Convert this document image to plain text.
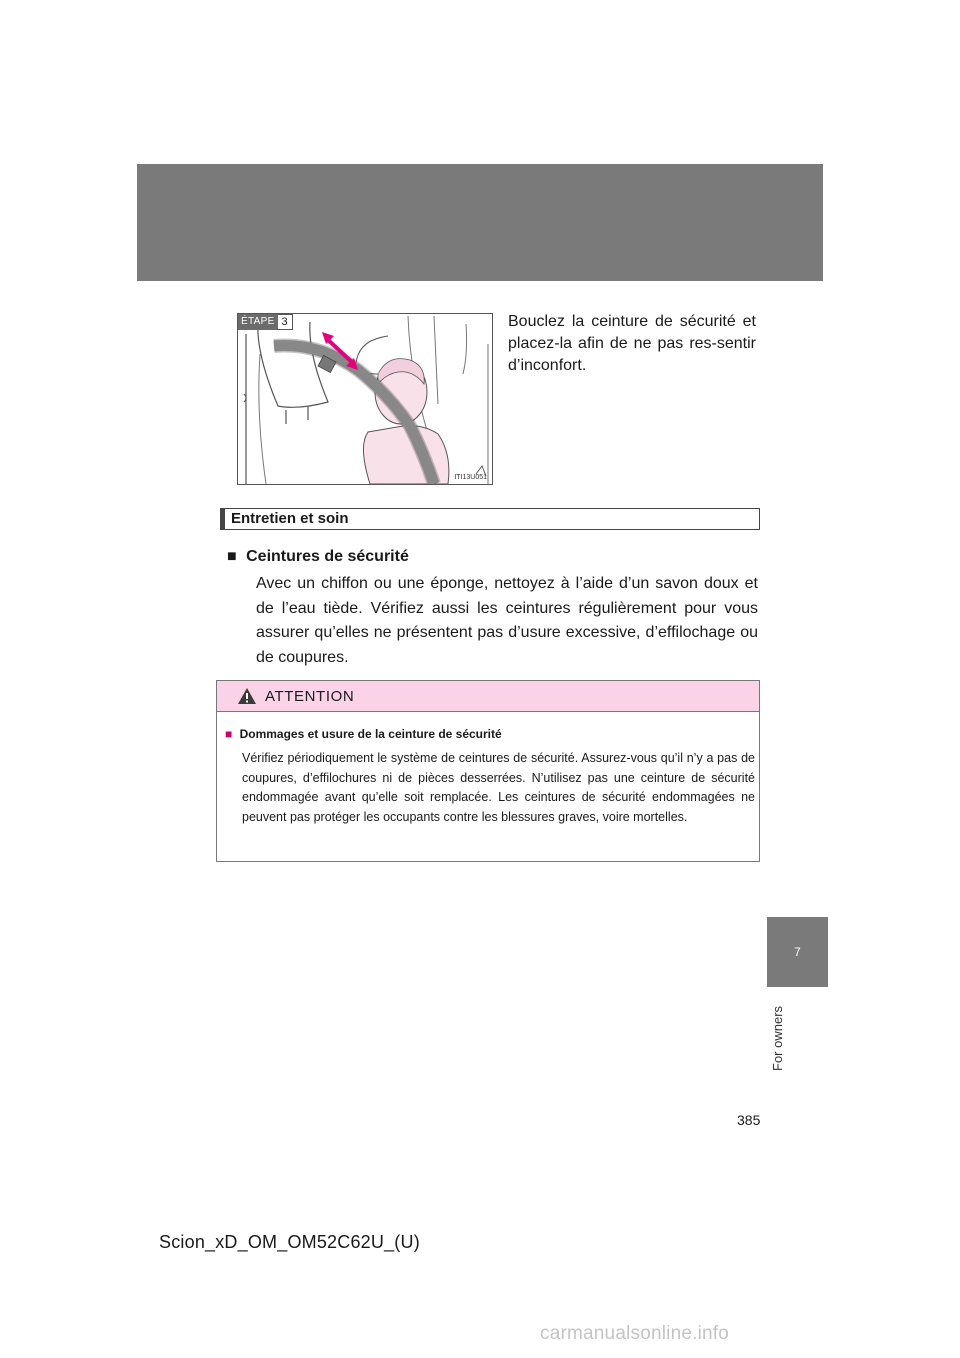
ÉTAPE 3
ITI13U051
Bouclez la ceinture de sécurité et placez-la afin de ne pas res-sentir d’inconfort.
Entretien et soin
■ Ceintures de sécurité
Avec un chiffon ou une éponge, nettoyez à l’aide d’un savon doux et de l’eau tiède. Vérifiez aussi les ceintures régulièrement pour vous assurer qu’elles ne présentent pas d’usure excessive, d’effilochage ou de coupures.
ATTENTION
■ Dommages et usure de la ceinture de sécurité
Vérifiez périodiquement le système de ceintures de sécurité. Assurez-vous qu’il n’y a pas de coupures, d’effilochures ni de pièces desserrées. N’utilisez pas une ceinture de sécurité endommagée avant qu’elle soit remplacée. Les ceintures de sécurité endommagées ne peuvent pas protéger les occupants contre les blessures graves, voire mortelles.
7
For owners
385
Scion_xD_OM_OM52C62U_(U)
carmanualsonline.info
